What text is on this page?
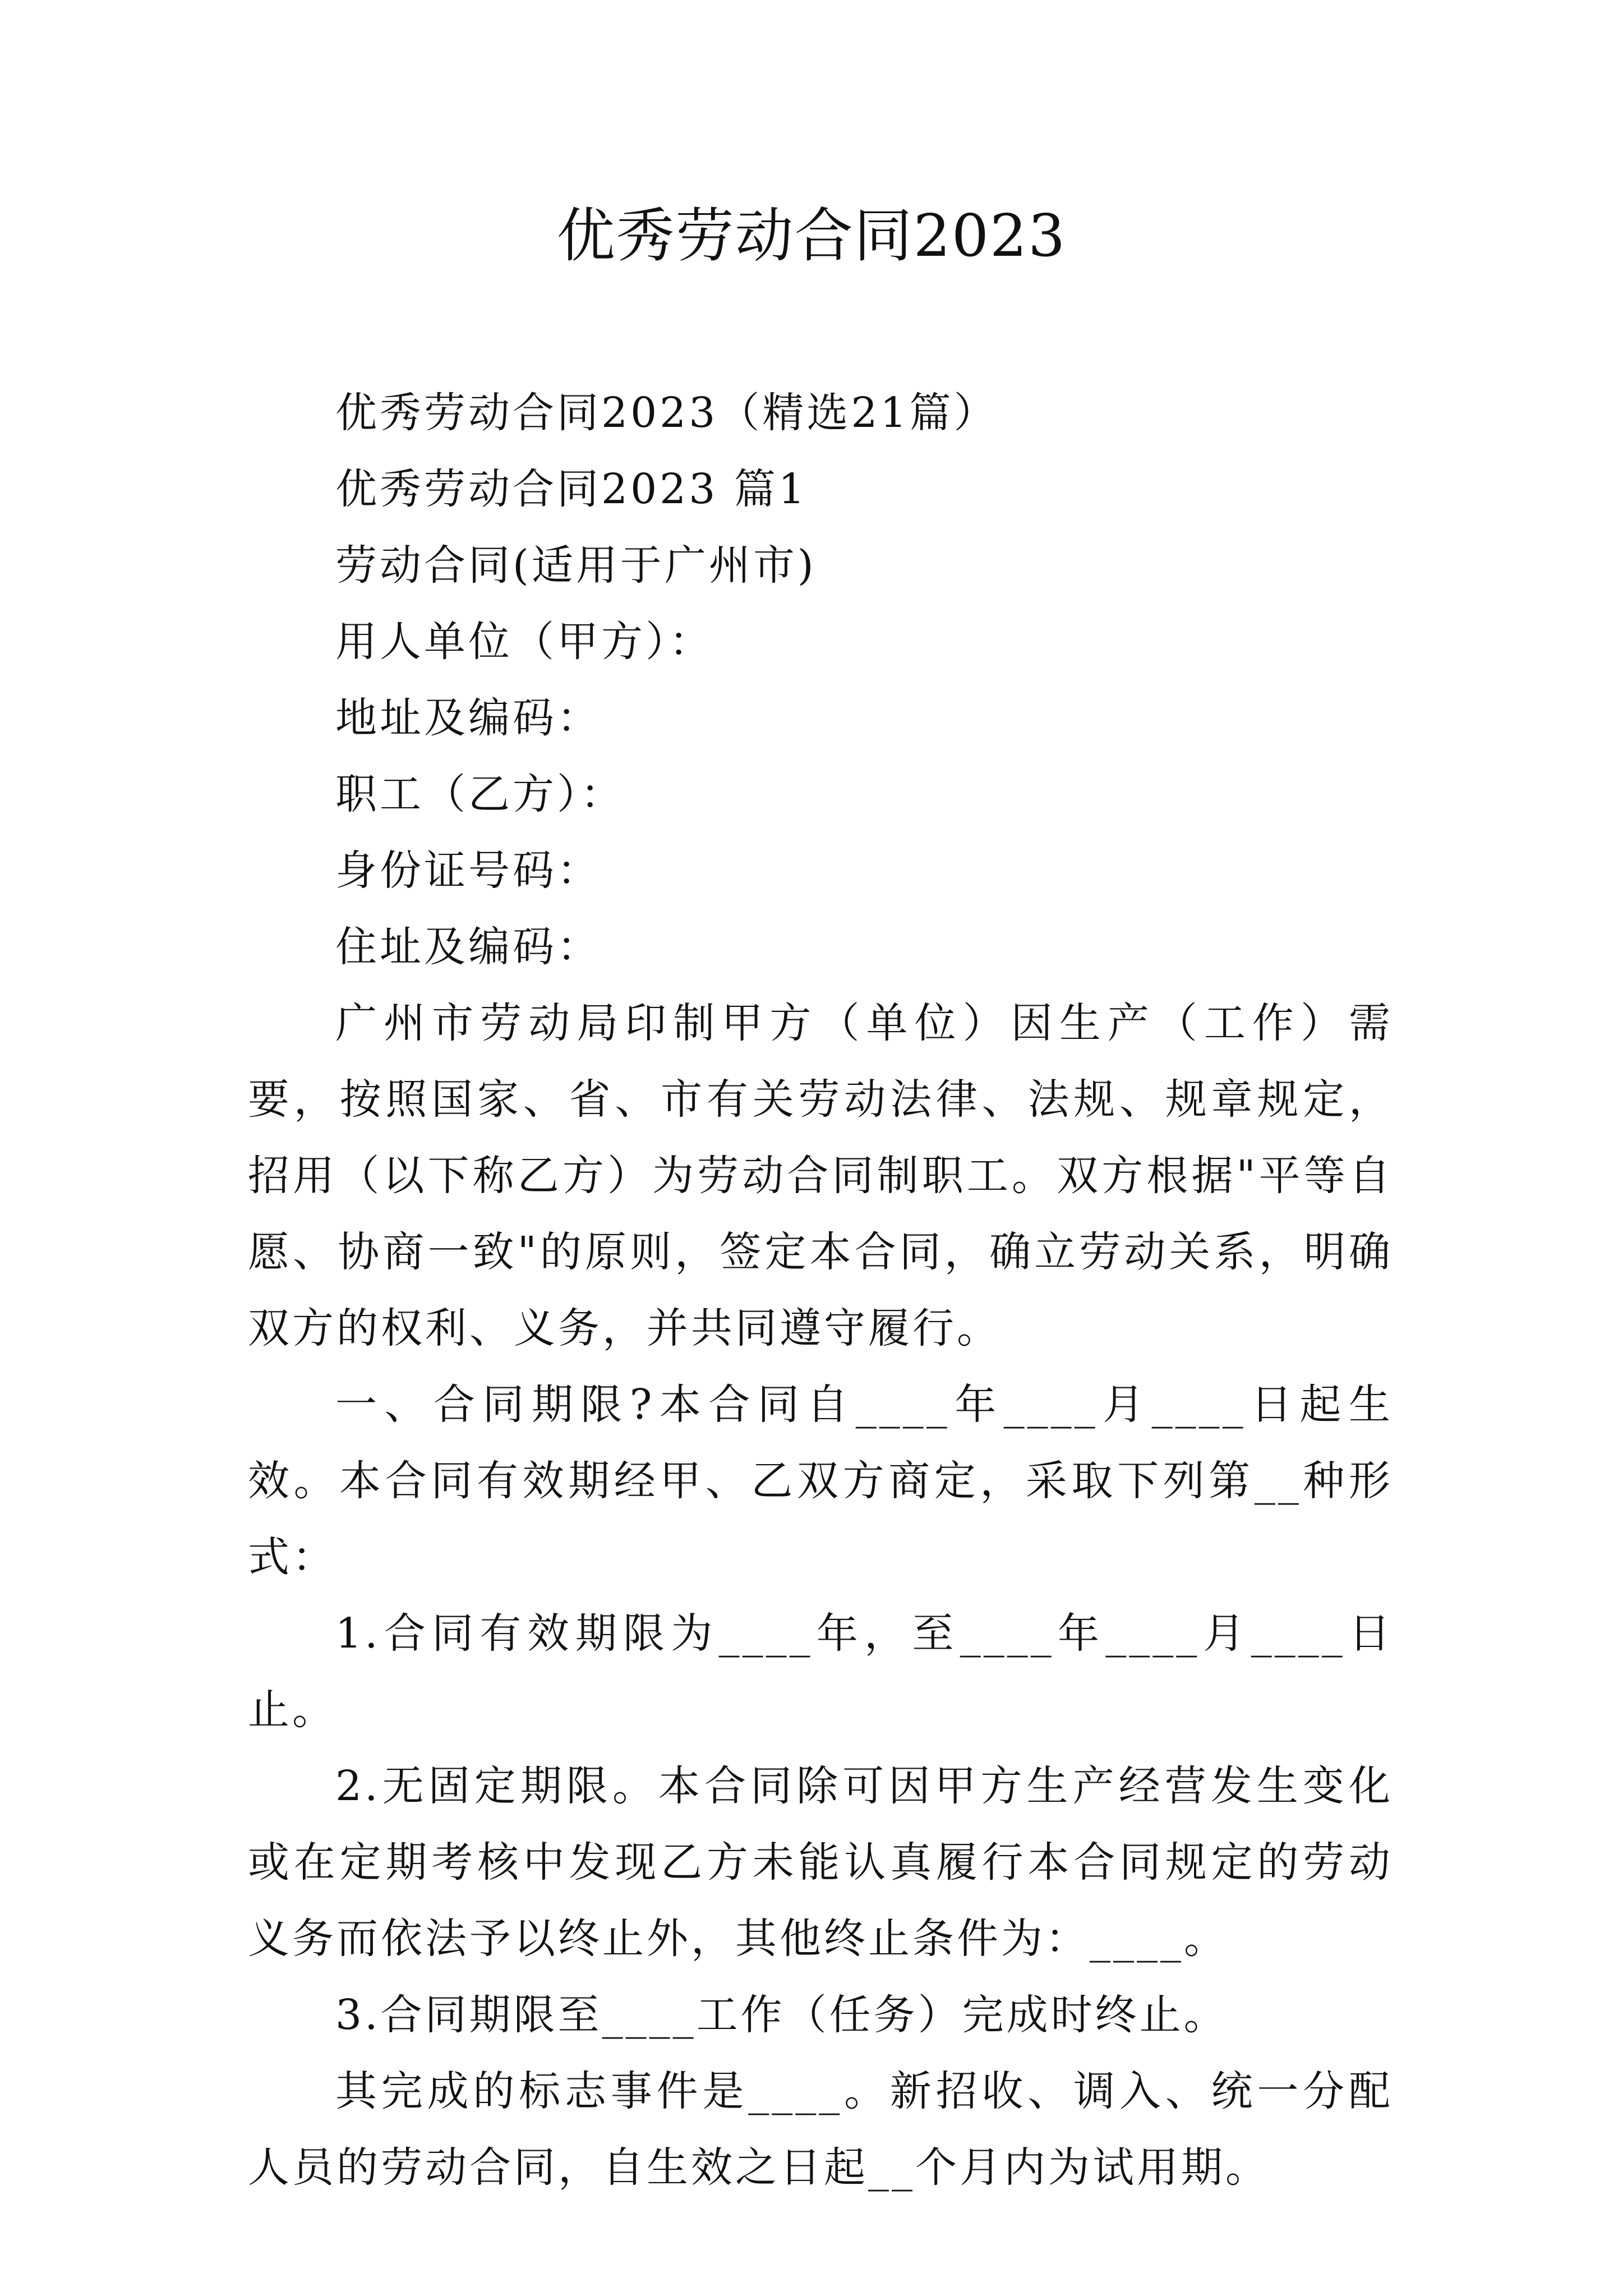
优秀劳动合同2023

优秀劳动合同2023（精选21篇）

优秀劳动合同2023 篇1

劳动合同(适用于广州市)

用人单位（甲方）：

地址及编码：

职工（乙方）：

身份证号码：

住址及编码：

广州市劳动局印制甲方（单位）因生产（工作）需要，按照国家、省、市有关劳动法律、法规、规章规定，招用（以下称乙方）为劳动合同制职工。双方根据"平等自愿、协商一致"的原则，签定本合同，确立劳动关系，明确双方的权利、义务，并共同遵守履行。

一、合同期限?本合同自____年____月____日起生效。本合同有效期经甲、乙双方商定，采取下列第__种形式：

1.合同有效期限为____年，至____年____月____日止。

2.无固定期限。本合同除可因甲方生产经营发生变化或在定期考核中发现乙方未能认真履行本合同规定的劳动义务而依法予以终止外，其他终止条件为：____。

3.合同期限至____工作（任务）完成时终止。

其完成的标志事件是____。新招收、调入、统一分配人员的劳动合同，自生效之日起__个月内为试用期。
